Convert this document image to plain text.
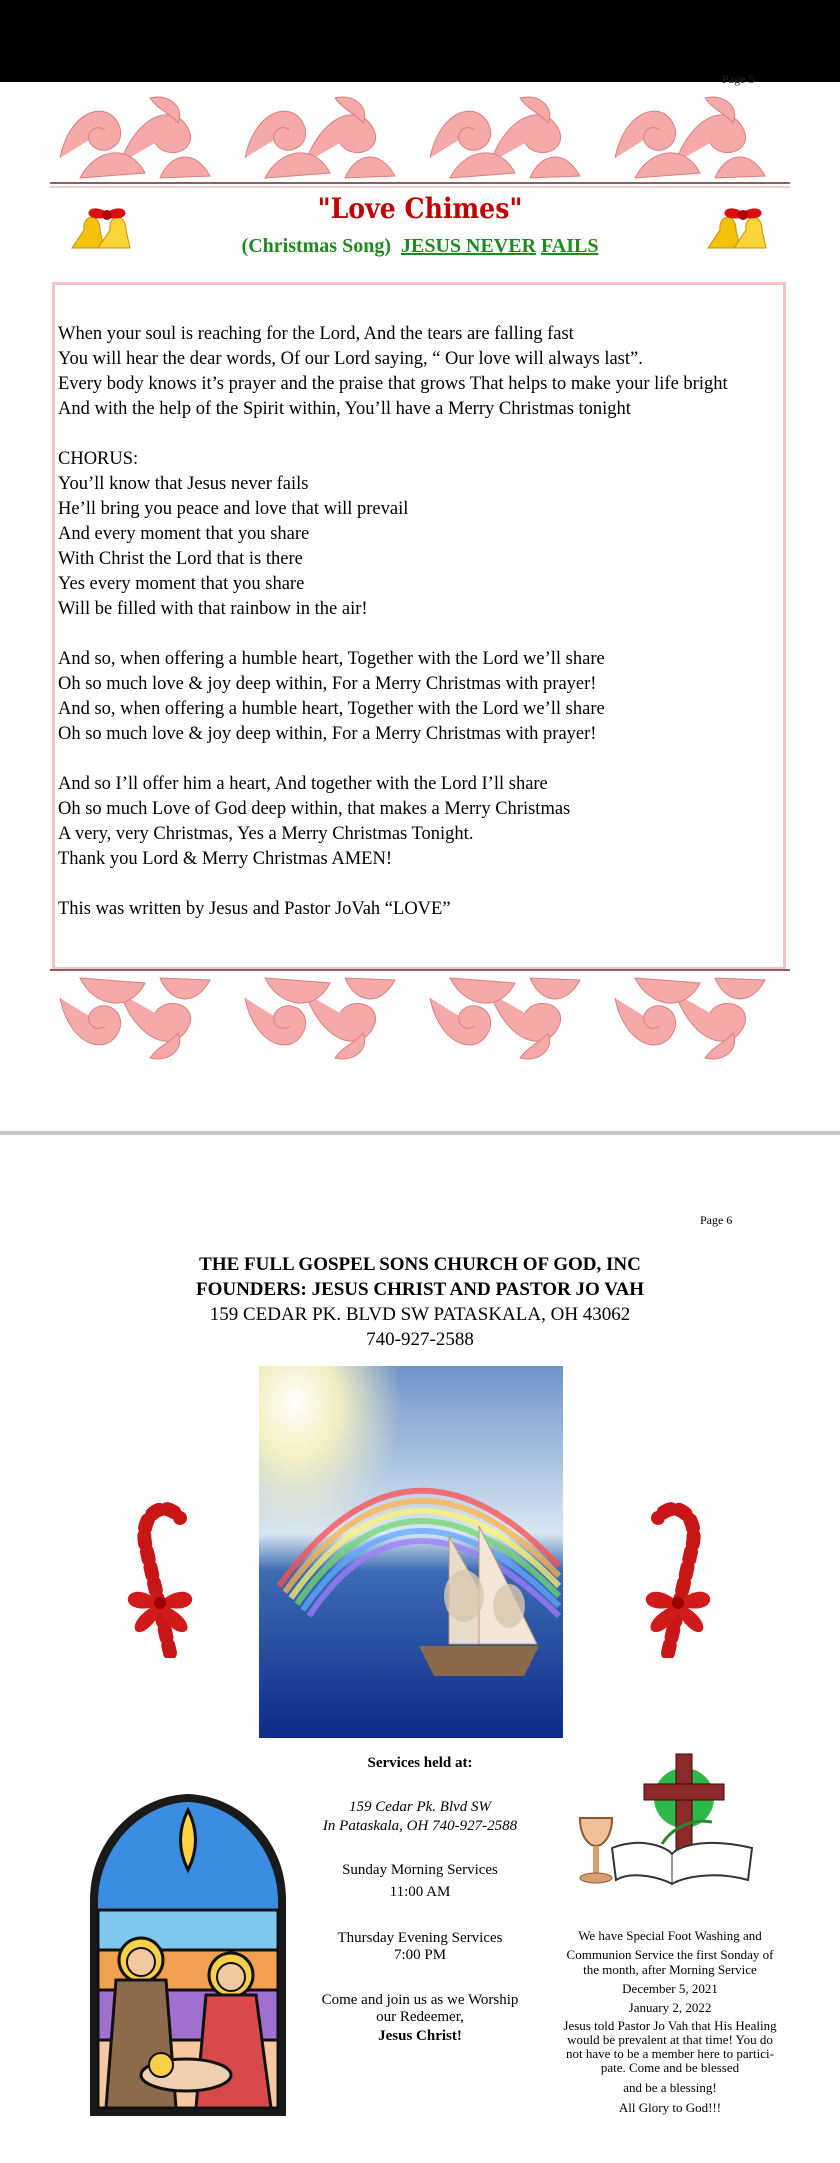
Page 5
"Love Chimes"
(Christmas Song) JESUS NEVER FAILS
When your soul is reaching for the Lord, And the tears are falling fast
You will hear the dear words, Of our Lord saying, “ Our love will always last”.
Every body knows it’s prayer and the praise that grows That helps to make your life bright
And with the help of the Spirit within, You’ll have a Merry Christmas tonight
CHORUS:
You’ll know that Jesus never fails
He’ll bring you peace and love that will prevail
And every moment that you share
With Christ the Lord that is there
Yes every moment that you share
Will be filled with that rainbow in the air!
And so, when offering a humble heart, Together with the Lord we’ll share
Oh so much love & joy deep within, For a Merry Christmas with prayer!
And so, when offering a humble heart, Together with the Lord we’ll share
Oh so much love & joy deep within, For a Merry Christmas with prayer!
And so I’ll offer him a heart, And together with the Lord I’ll share
Oh so much Love of God deep within, that makes a Merry Christmas
A very, very Christmas, Yes a Merry Christmas Tonight.
Thank you Lord & Merry Christmas AMEN!
This was written by Jesus and Pastor JoVah “LOVE”
Page 6
THE FULL GOSPEL SONS CHURCH OF GOD, INC
FOUNDERS: JESUS CHRIST AND PASTOR JO VAH
159 CEDAR PK. BLVD SW PATASKALA, OH 43062
740-927-2588
Services held at:
159 Cedar Pk. Blvd SW
In Pataskala, OH 740-927-2588
Sunday Morning Services
11:00 AM
Thursday Evening Services
7:00 PM
Come and join us as we Worship
our Redeemer,
Jesus Christ!
We have Special Foot Washing and
Communion Service the first Sonday of
the month, after Morning Service
December 5, 2021
January 2, 2022
Jesus told Pastor Jo Vah that His Healing
would be prevalent at that time! You do
not have to be a member here to partici-
pate. Come and be blessed
and be a blessing!
All Glory to God!!!
